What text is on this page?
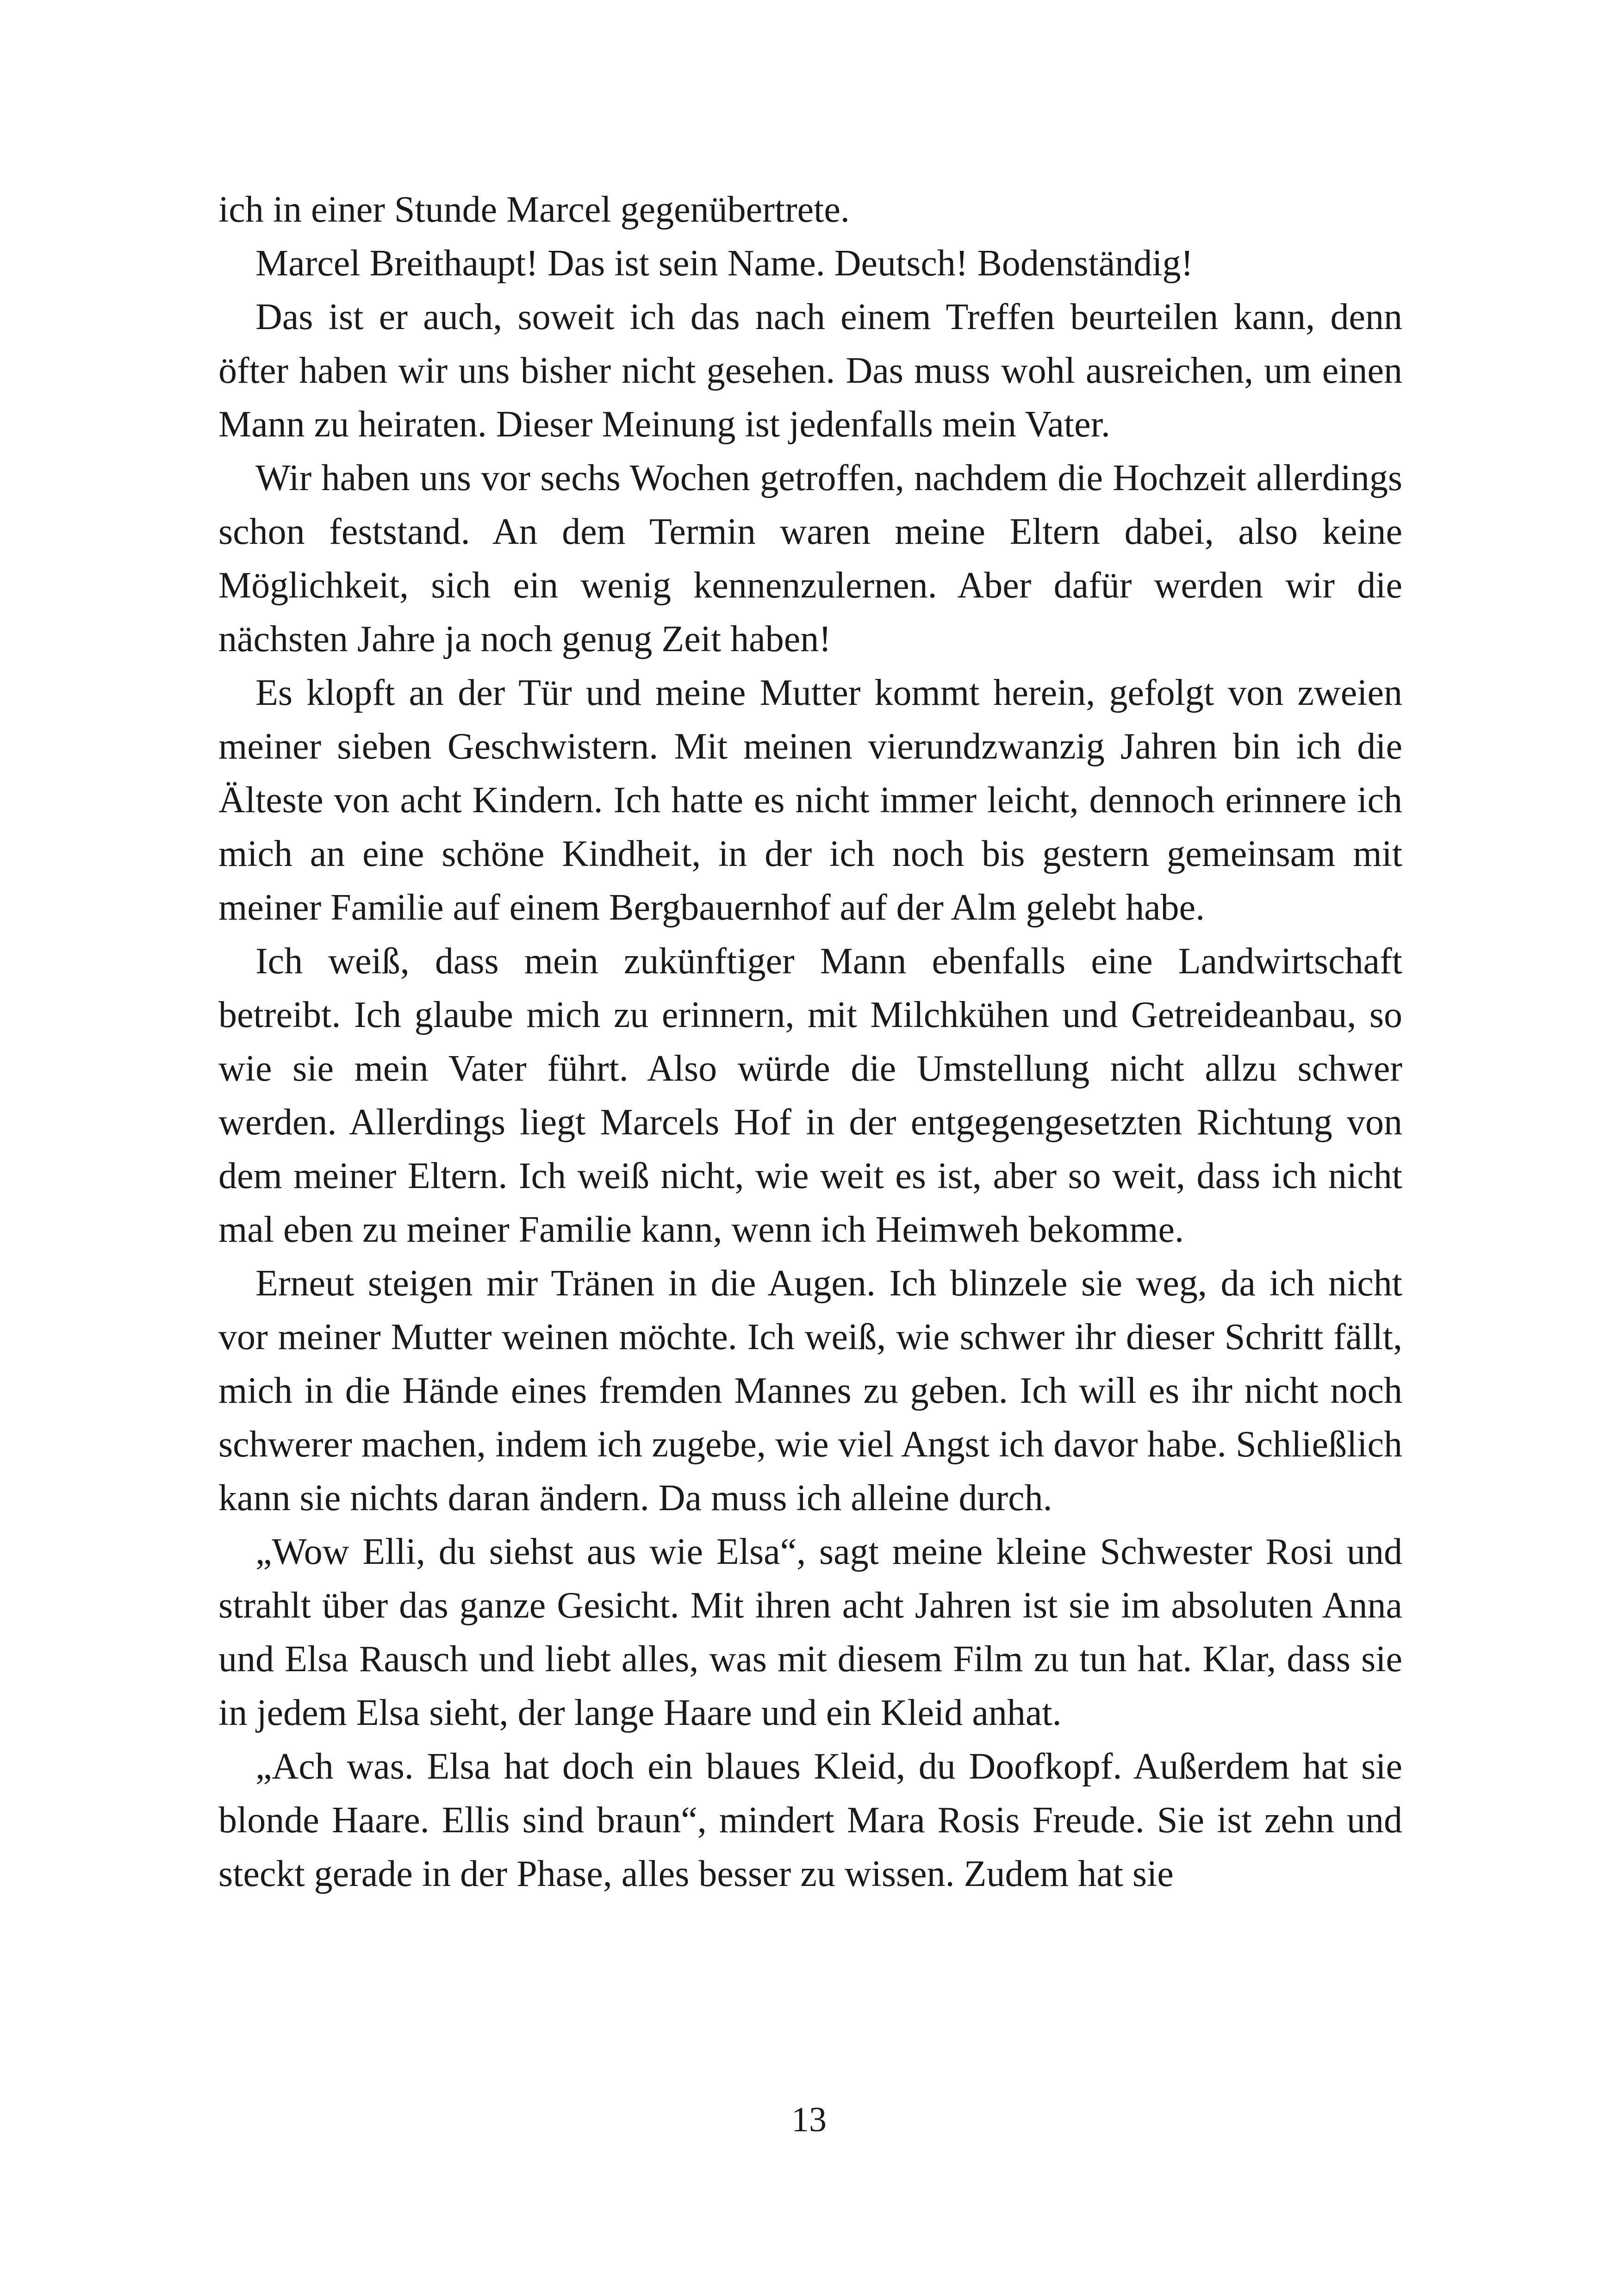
ich in einer Stunde Marcel gegenübertrete.

Marcel Breithaupt! Das ist sein Name. Deutsch! Bodenständig!

Das ist er auch, soweit ich das nach einem Treffen beurteilen kann, denn öfter haben wir uns bisher nicht gesehen. Das muss wohl ausreichen, um einen Mann zu heiraten. Dieser Meinung ist jedenfalls mein Vater.

Wir haben uns vor sechs Wochen getroffen, nachdem die Hochzeit allerdings schon feststand. An dem Termin waren meine Eltern dabei, also keine Möglichkeit, sich ein wenig kennenzulernen. Aber dafür werden wir die nächsten Jahre ja noch genug Zeit haben!

Es klopft an der Tür und meine Mutter kommt herein, gefolgt von zweien meiner sieben Geschwistern. Mit meinen vierundzwanzig Jahren bin ich die Älteste von acht Kindern. Ich hatte es nicht immer leicht, dennoch erinnere ich mich an eine schöne Kindheit, in der ich noch bis gestern gemeinsam mit meiner Familie auf einem Bergbauernhof auf der Alm gelebt habe.

Ich weiß, dass mein zukünftiger Mann ebenfalls eine Landwirtschaft betreibt. Ich glaube mich zu erinnern, mit Milchkühen und Getreideanbau, so wie sie mein Vater führt. Also würde die Umstellung nicht allzu schwer werden. Allerdings liegt Marcels Hof in der entgegengesetzten Richtung von dem meiner Eltern. Ich weiß nicht, wie weit es ist, aber so weit, dass ich nicht mal eben zu meiner Familie kann, wenn ich Heimweh bekomme.

Erneut steigen mir Tränen in die Augen. Ich blinzele sie weg, da ich nicht vor meiner Mutter weinen möchte. Ich weiß, wie schwer ihr dieser Schritt fällt, mich in die Hände eines fremden Mannes zu geben. Ich will es ihr nicht noch schwerer machen, indem ich zugebe, wie viel Angst ich davor habe. Schließlich kann sie nichts daran ändern. Da muss ich alleine durch.

„Wow Elli, du siehst aus wie Elsa“, sagt meine kleine Schwester Rosi und strahlt über das ganze Gesicht. Mit ihren acht Jahren ist sie im absoluten Anna und Elsa Rausch und liebt alles, was mit diesem Film zu tun hat. Klar, dass sie in jedem Elsa sieht, der lange Haare und ein Kleid anhat.

„Ach was. Elsa hat doch ein blaues Kleid, du Doofkopf. Außerdem hat sie blonde Haare. Ellis sind braun“, mindert Mara Rosis Freude. Sie ist zehn und steckt gerade in der Phase, alles besser zu wissen. Zudem hat sie

13
